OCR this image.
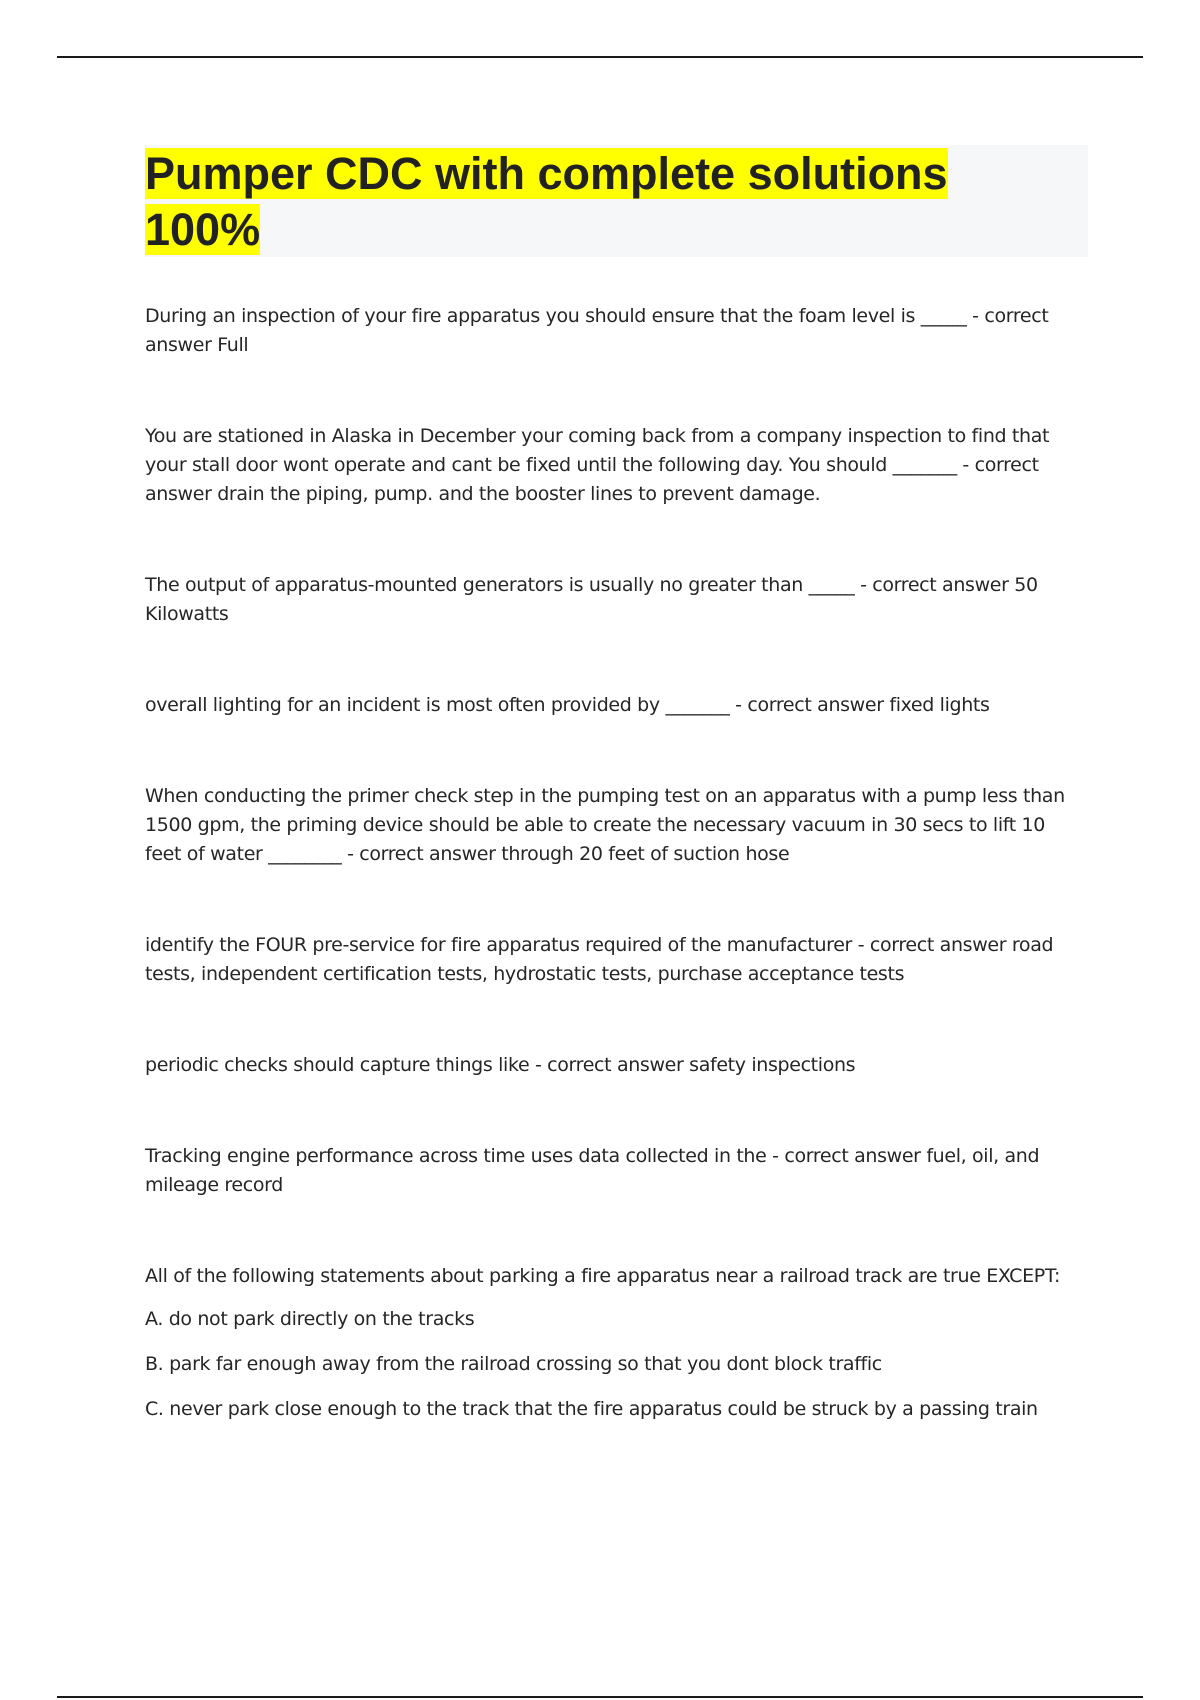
Pumper CDC with complete solutions 100%

During an inspection of your fire apparatus you should ensure that the foam level is _____ - correct answer Full

You are stationed in Alaska in December your coming back from a company inspection to find that your stall door wont operate and cant be fixed until the following day. You should _______ - correct answer drain the piping, pump. and the booster lines to prevent damage.

The output of apparatus-mounted generators is usually no greater than _____ - correct answer 50 Kilowatts

overall lighting for an incident is most often provided by _______ - correct answer fixed lights

When conducting the primer check step in the pumping test on an apparatus with a pump less than 1500 gpm, the priming device should be able to create the necessary vacuum in 30 secs to lift 10 feet of water ________ - correct answer through 20 feet of suction hose

identify the FOUR pre-service for fire apparatus required of the manufacturer - correct answer road tests, independent certification tests, hydrostatic tests, purchase acceptance tests

periodic checks should capture things like - correct answer safety inspections

Tracking engine performance across time uses data collected in the - correct answer fuel, oil, and mileage record

All of the following statements about parking a fire apparatus near a railroad track are true EXCEPT:

A. do not park directly on the tracks

B. park far enough away from the railroad crossing so that you dont block traffic

C. never park close enough to the track that the fire apparatus could be struck by a passing train
